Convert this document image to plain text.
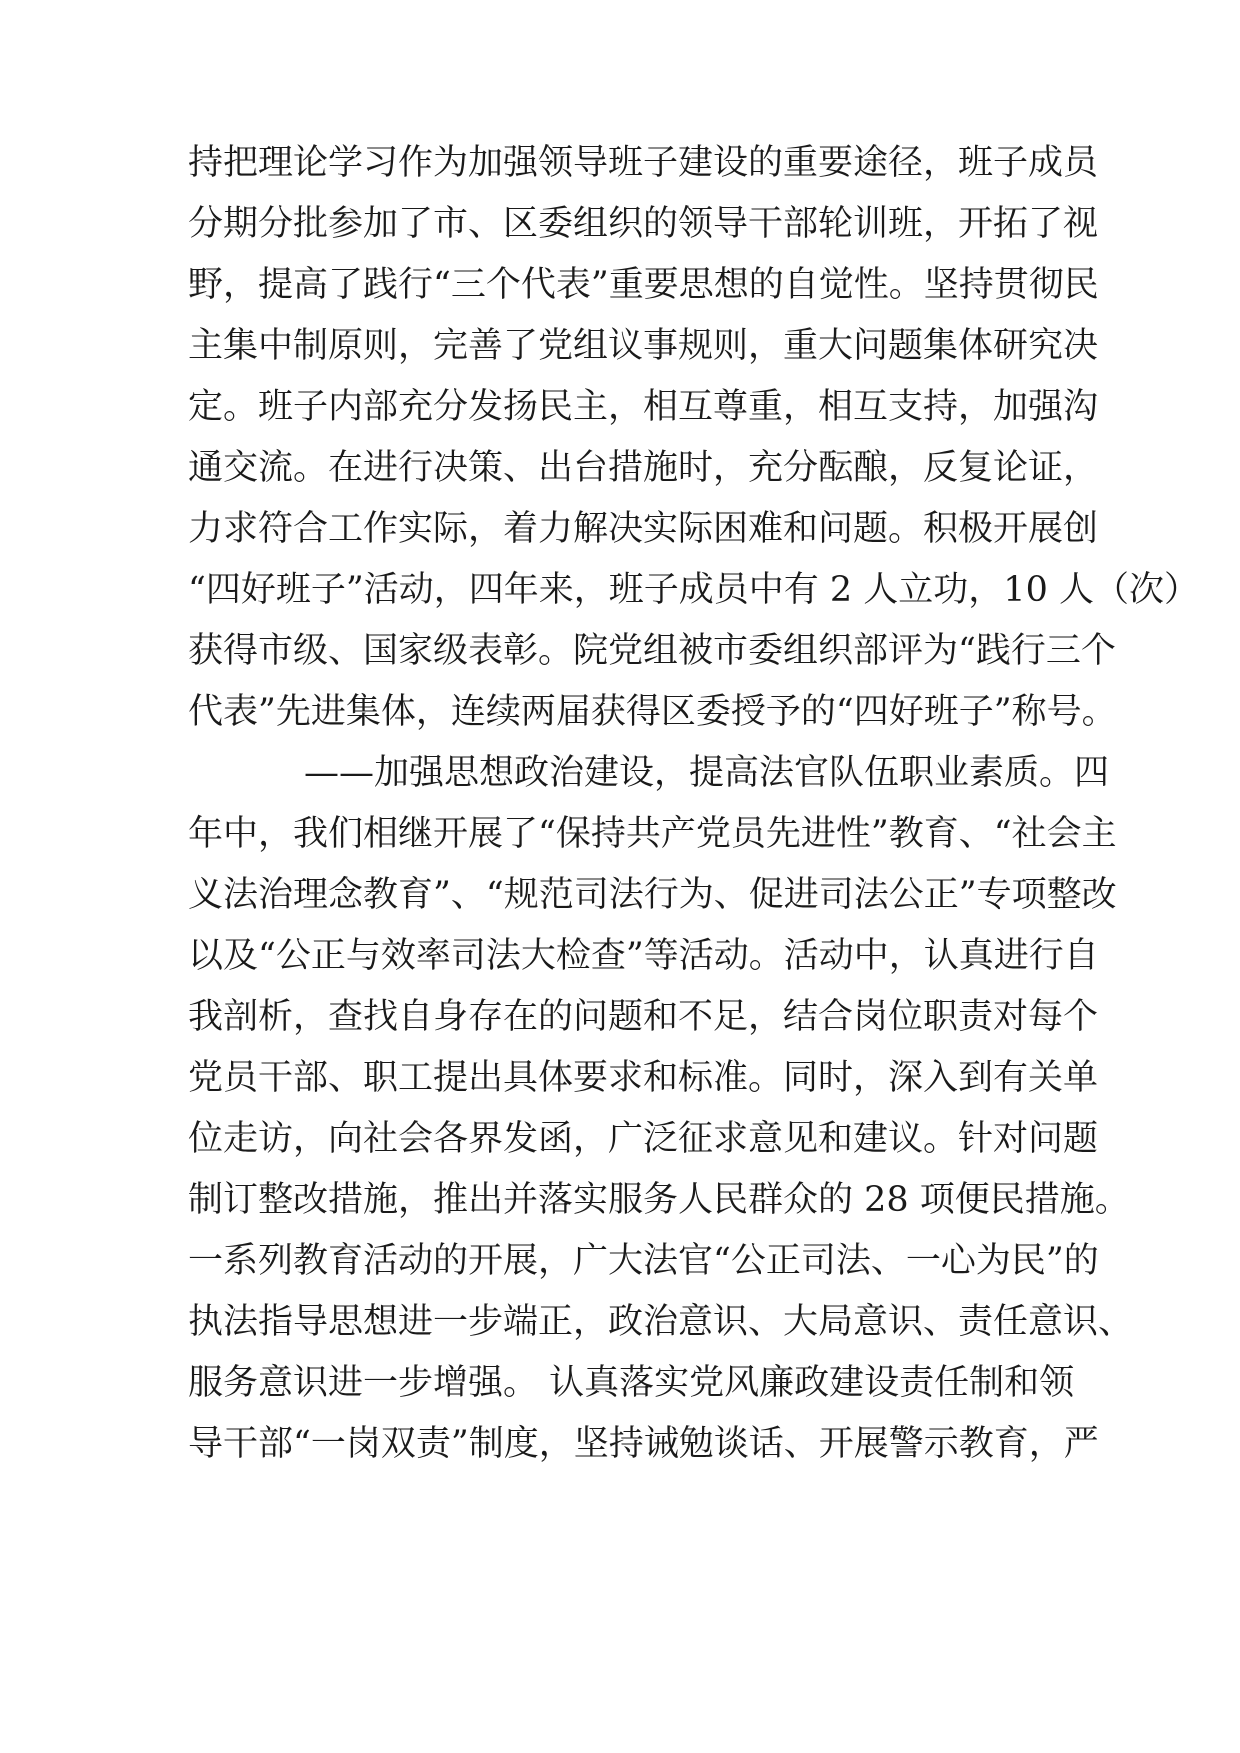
持把理论学习作为加强领导班子建设的重要途径，班子成员
分期分批参加了市、区委组织的领导干部轮训班，开拓了视
野，提高了践行“三个代表”重要思想的自觉性。坚持贯彻民
主集中制原则，完善了党组议事规则，重大问题集体研究决
定。班子内部充分发扬民主，相互尊重，相互支持，加强沟
通交流。在进行决策、出台措施时，充分酝酿，反复论证，
力求符合工作实际，着力解决实际困难和问题。积极开展创
“四好班子”活动，四年来，班子成员中有 2 人立功，10 人（次）
获得市级、国家级表彰。院党组被市委组织部评为“践行三个
代表”先进集体，连续两届获得区委授予的“四好班子”称号。
——加强思想政治建设，提高法官队伍职业素质。四
年中，我们相继开展了“保持共产党员先进性”教育、“社会主
义法治理念教育”、“规范司法行为、促进司法公正”专项整改
以及“公正与效率司法大检查”等活动。活动中，认真进行自
我剖析，查找自身存在的问题和不足，结合岗位职责对每个
党员干部、职工提出具体要求和标准。同时，深入到有关单
位走访，向社会各界发函，广泛征求意见和建议。针对问题
制订整改措施，推出并落实服务人民群众的 28 项便民措施。
一系列教育活动的开展，广大法官“公正司法、一心为民”的
执法指导思想进一步端正，政治意识、大局意识、责任意识、
服务意识进一步增强。 认真落实党风廉政建设责任制和领
导干部“一岗双责”制度，坚持诫勉谈话、开展警示教育，严
